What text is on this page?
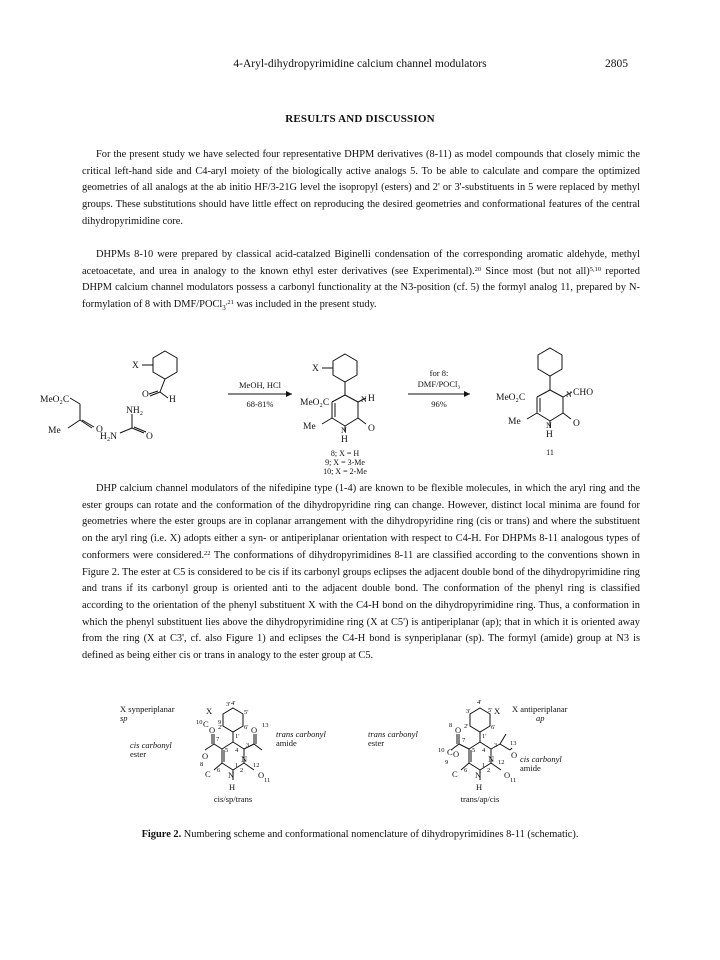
4-Aryl-dihydropyrimidine calcium channel modulators	2805
RESULTS AND DISCUSSION

For the present study we have selected four representative DHPM derivatives (8-11) as model compounds that closely mimic the critical left-hand side and C4-aryl moiety of the biologically active analogs 5. To be able to calculate and compare the optimized geometries of all analogs at the ab initio HF/3-21G level the isopropyl (esters) and 2' or 3'-substituents in 5 were replaced by methyl groups. These substitutions should have little effect on reproducing the desired geometries and conformational features of the central dihydropyrimidine core.

DHPMs 8-10 were prepared by classical acid-catalzed Biginelli condensation of the corresponding aromatic aldehyde, methyl acetoacetate, and urea in analogy to the known ethyl ester derivatives (see Experimental).$^{20}$ Since most (but not all)$^{5,10}$ reported DHPM calcium channel modulators possess a carbonyl functionality at the N3-position (cf. 5) the formyl analog 11, prepared by N-formylation of 8 with DMF/POCl$_3^{,21}$ was included in the present study.

X
O H
MeO₂C
Me	O
NH₂
H₂N	O
MeOH, HCl
68-81%
X
MeO₂C	H
N
O
Me	N
H
8; X = H
9; X = 3-Me
10; X = 2-Me
for 8:
DMF/POCl₃
96%
MeO₂C	CHO
N
O
Me	N
H
11

DHP calcium channel modulators of the nifedipine type (1-4) are known to be flexible molecules, in which the aryl ring and the ester groups can rotate and the conformation of the dihydropyridine ring can change. However, distinct local minima are found for geometries where the ester groups are in coplanar arrangement with the dihydropyridine ring (cis or trans) and where the substituent on the aryl ring (i.e. X) adopts either a syn- or antiperiplanar orientation with respect to C4-H. For DHPMs 8-11 analogous types of conformers were considered.$^{22}$ The conformations of dihydropyrimidines 8-11 are classified according to the conventions shown in Figure 2. The ester at C5 is considered to be cis if its carbonyl groups eclipses the adjacent double bond of the dihydropyrimidine ring and trans if its carbonyl group is oriented anti to the adjacent double bond. The conformation of the phenyl ring is classified according to the orientation of the phenyl substituent X with the C4-H bond on the dihydropyrimidine ring. Thus, a conformation in which the phenyl substituent lies above the dihydropyrimidine ring (X at C5') is antiperiplanar (ap); that in which it is oriented away from the ring (X at C3', cf. also Figure 1) and eclipses the C4-H bond is synperiplanar (sp). The formyl (amide) group at N3 is defined as being either cis or trans in analogy to the ester group at C5.

X synperiplanar
sp
X
cis carbonyl
ester
trans carbonyl
amide
O	O
N
N
H
C	O
C
O
10 9
3' 4'
5'
2'	6'
1'
13
7
5
3
4
12
8
6
1
2
11
cis/sp/trans
X antiperiplanar
ap
X
trans carbonyl
ester
cis carbonyl
amide
O
C O	N O
N
H
C	O
4'
3'	5'
2'	6'
1'
8
7
10
9
5
3
4
13
12
1
2
6
11
trans/ap/cis
Figure 2. Numbering scheme and conformational nomenclature of dihydropyrimidines 8-11 (schematic).
